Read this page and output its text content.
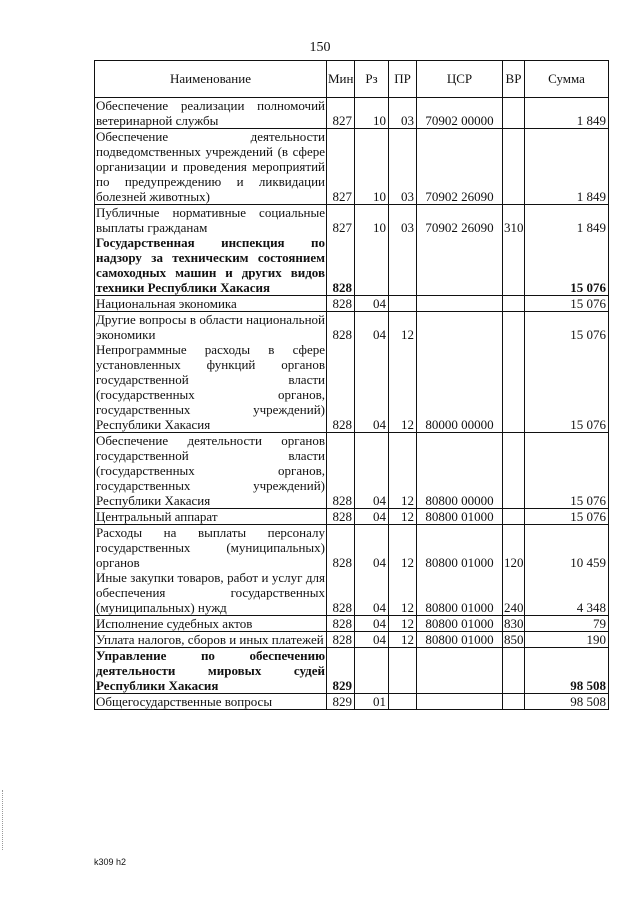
150
Наименование	Мин	Рз	ПР	ЦСР	ВР	Сумма
Обеспечение реализации полномочий ветеринарной службы	827	10	03	70902 00000		1 849
Обеспечение деятельности подведомственных учреждений (в сфере организации и проведения мероприятий по предупреждению и ликвидации болезней животных)	827	10	03	70902 26090		1 849
Публичные нормативные социальные выплаты гражданам	827	10	03	70902 26090	310	1 849
Государственная инспекция по надзору за техническим состоянием самоходных машин и других видов техники Республики Хакасия	828					15 076
Национальная экономика	828	04				15 076
Другие вопросы в области национальной экономики	828	04	12			15 076
Непрограммные расходы в сфере установленных функций органов государственной власти (государственных органов, государственных учреждений) Республики Хакасия	828	04	12	80000 00000		15 076
Обеспечение деятельности органов государственной власти (государственных органов, государственных учреждений) Республики Хакасия	828	04	12	80800 00000		15 076
Центральный аппарат	828	04	12	80800 01000		15 076
Расходы на выплаты персоналу государственных (муниципальных) органов	828	04	12	80800 01000	120	10 459
Иные закупки товаров, работ и услуг для обеспечения государственных (муниципальных) нужд	828	04	12	80800 01000	240	4 348
Исполнение судебных актов	828	04	12	80800 01000	830	79
Уплата налогов, сборов и иных платежей	828	04	12	80800 01000	850	190
Управление по обеспечению деятельности мировых судей Республики Хакасия	829					98 508
Общегосударственные вопросы	829	01				98 508
k309 h2
